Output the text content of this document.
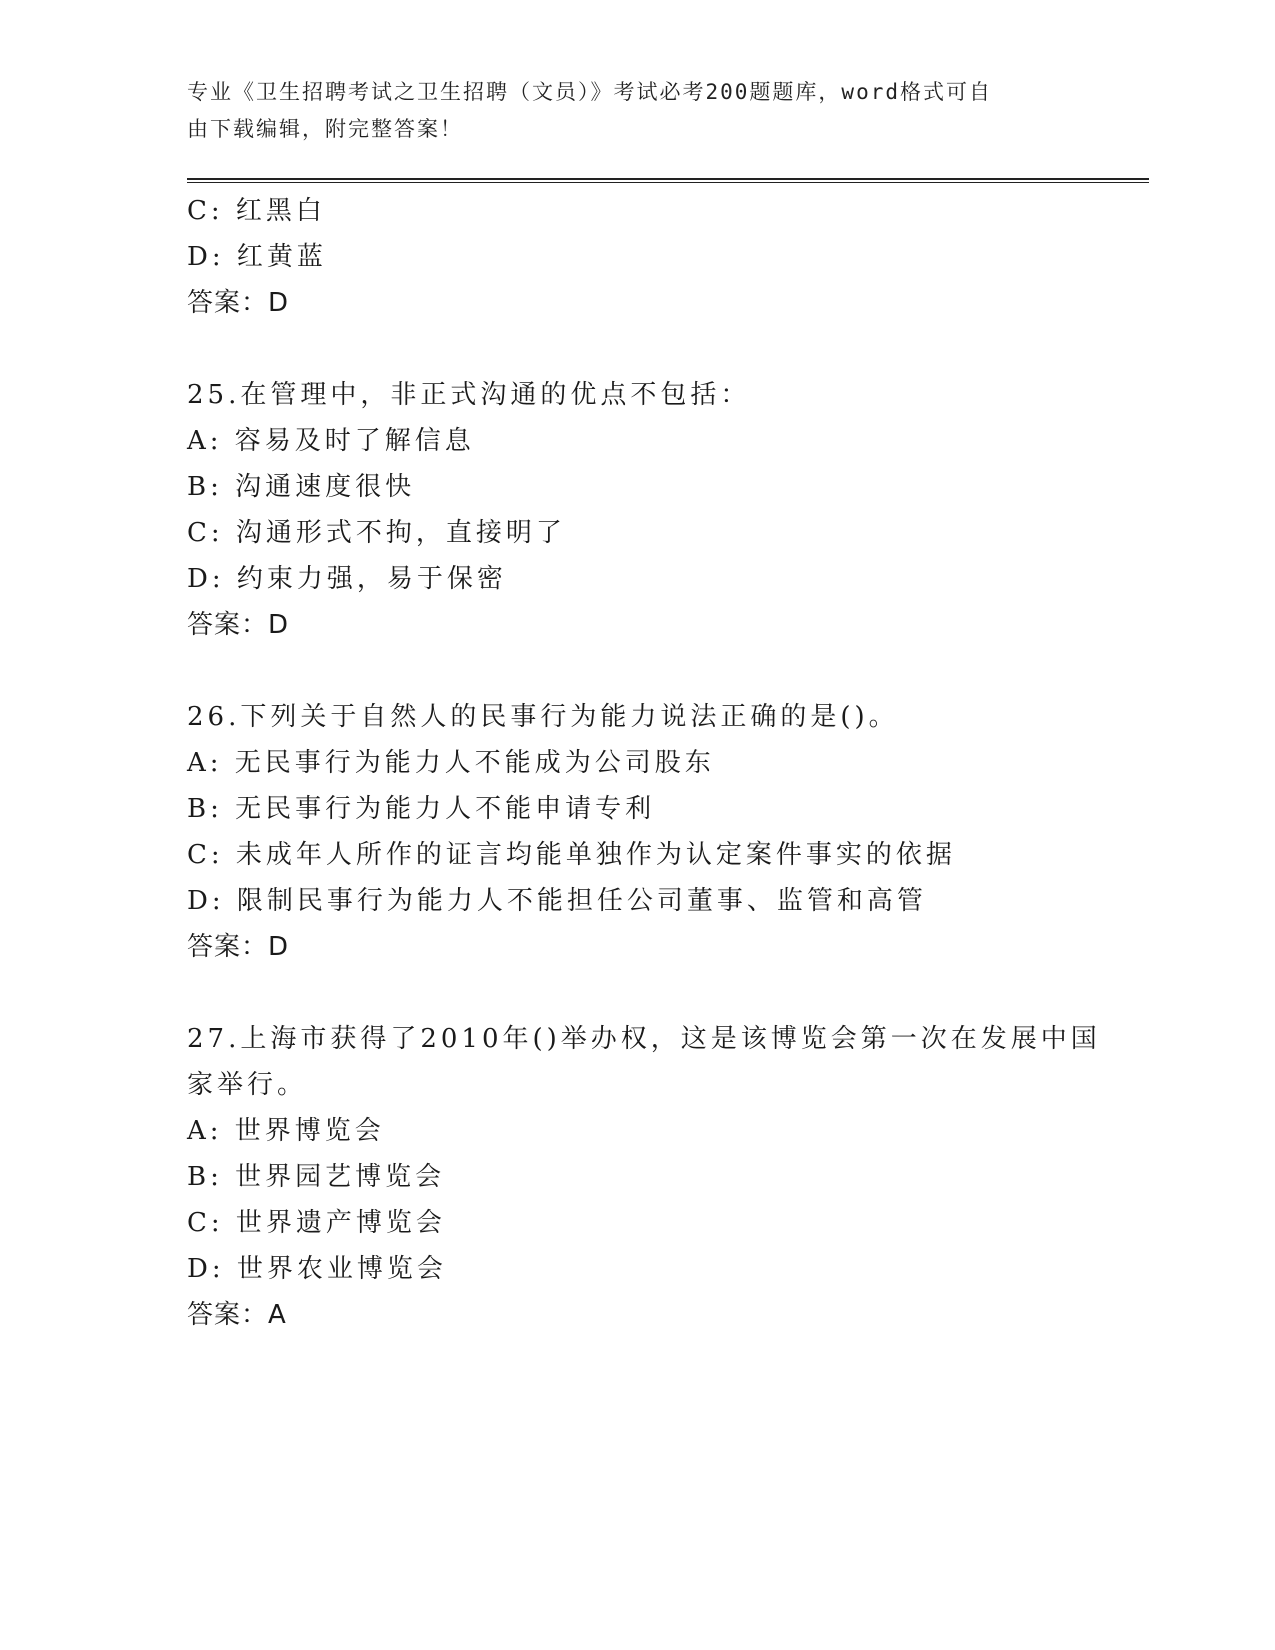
专业《卫生招聘考试之卫生招聘（文员）》考试必考200题题库，word格式可自
由下载编辑，附完整答案！
C: 红黑白
D: 红黄蓝
答案：D
25.在管理中，非正式沟通的优点不包括：
A: 容易及时了解信息
B: 沟通速度很快
C: 沟通形式不拘，直接明了
D: 约束力强，易于保密
答案：D
26.下列关于自然人的民事行为能力说法正确的是()。
A: 无民事行为能力人不能成为公司股东
B: 无民事行为能力人不能申请专利
C: 未成年人所作的证言均能单独作为认定案件事实的依据
D: 限制民事行为能力人不能担任公司董事、监管和高管
答案：D
27.上海市获得了2010年()举办权，这是该博览会第一次在发展中国
家举行。
A: 世界博览会
B: 世界园艺博览会
C: 世界遗产博览会
D: 世界农业博览会
答案：A
